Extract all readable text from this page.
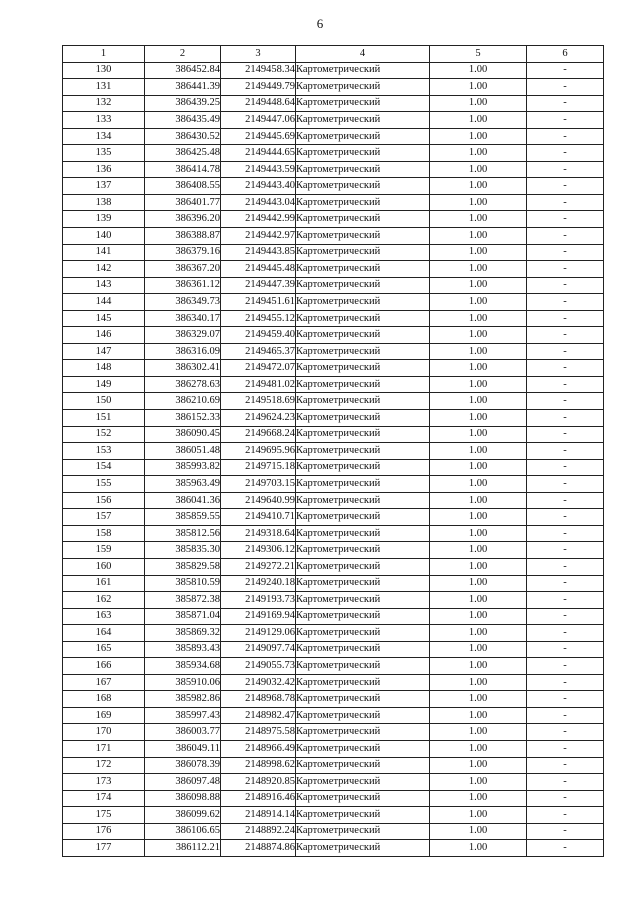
6
1	2	3	4	5	6
130	386452.84	2149458.34	Картометрический	1.00	-
131	386441.39	2149449.79	Картометрический	1.00	-
132	386439.25	2149448.64	Картометрический	1.00	-
133	386435.49	2149447.06	Картометрический	1.00	-
134	386430.52	2149445.69	Картометрический	1.00	-
135	386425.48	2149444.65	Картометрический	1.00	-
136	386414.78	2149443.59	Картометрический	1.00	-
137	386408.55	2149443.40	Картометрический	1.00	-
138	386401.77	2149443.04	Картометрический	1.00	-
139	386396.20	2149442.99	Картометрический	1.00	-
140	386388.87	2149442.97	Картометрический	1.00	-
141	386379.16	2149443.85	Картометрический	1.00	-
142	386367.20	2149445.48	Картометрический	1.00	-
143	386361.12	2149447.39	Картометрический	1.00	-
144	386349.73	2149451.61	Картометрический	1.00	-
145	386340.17	2149455.12	Картометрический	1.00	-
146	386329.07	2149459.40	Картометрический	1.00	-
147	386316.09	2149465.37	Картометрический	1.00	-
148	386302.41	2149472.07	Картометрический	1.00	-
149	386278.63	2149481.02	Картометрический	1.00	-
150	386210.69	2149518.69	Картометрический	1.00	-
151	386152.33	2149624.23	Картометрический	1.00	-
152	386090.45	2149668.24	Картометрический	1.00	-
153	386051.48	2149695.96	Картометрический	1.00	-
154	385993.82	2149715.18	Картометрический	1.00	-
155	385963.49	2149703.15	Картометрический	1.00	-
156	386041.36	2149640.99	Картометрический	1.00	-
157	385859.55	2149410.71	Картометрический	1.00	-
158	385812.56	2149318.64	Картометрический	1.00	-
159	385835.30	2149306.12	Картометрический	1.00	-
160	385829.58	2149272.21	Картометрический	1.00	-
161	385810.59	2149240.18	Картометрический	1.00	-
162	385872.38	2149193.73	Картометрический	1.00	-
163	385871.04	2149169.94	Картометрический	1.00	-
164	385869.32	2149129.06	Картометрический	1.00	-
165	385893.43	2149097.74	Картометрический	1.00	-
166	385934.68	2149055.73	Картометрический	1.00	-
167	385910.06	2149032.42	Картометрический	1.00	-
168	385982.86	2148968.78	Картометрический	1.00	-
169	385997.43	2148982.47	Картометрический	1.00	-
170	386003.77	2148975.58	Картометрический	1.00	-
171	386049.11	2148966.49	Картометрический	1.00	-
172	386078.39	2148998.62	Картометрический	1.00	-
173	386097.48	2148920.85	Картометрический	1.00	-
174	386098.88	2148916.46	Картометрический	1.00	-
175	386099.62	2148914.14	Картометрический	1.00	-
176	386106.65	2148892.24	Картометрический	1.00	-
177	386112.21	2148874.86	Картометрический	1.00	-
